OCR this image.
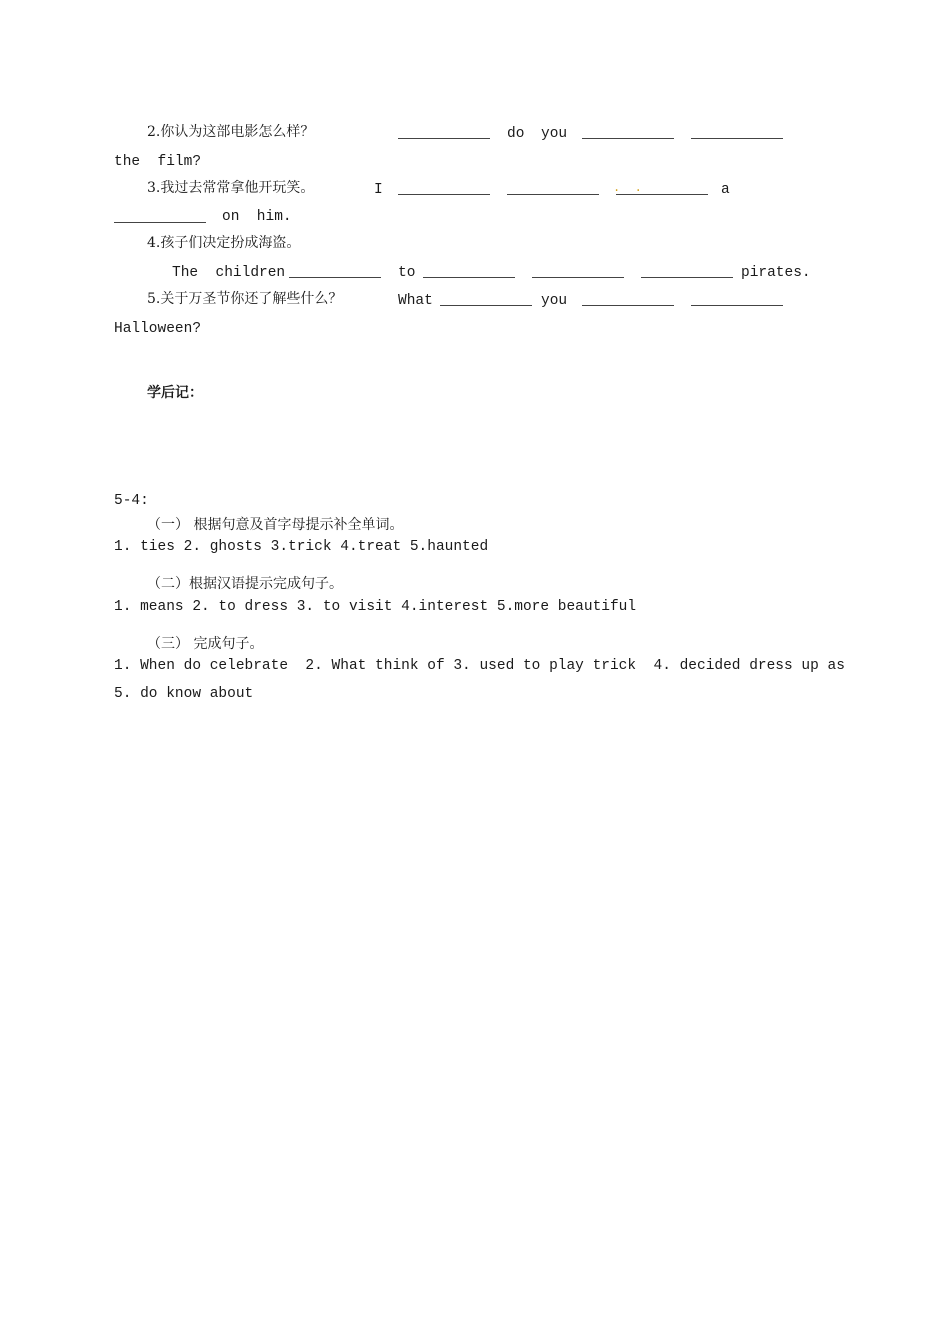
2.你认为这部电影怎么样？	do you
the  film?
3.我过去常常拿他开玩笑。	I	.  .	a
on  him.
4.孩子们决定扮成海盗。
The  children	to	pirates.
5.关于万圣节你还了解些什么？	What	you
Halloween?
学后记：
5-4:
（一） 根据句意及首字母提示补全单词。
1. ties 2. ghosts 3.trick 4.treat 5.haunted
（二）根据汉语提示完成句子。
1. means 2. to dress 3. to visit 4.interest 5.more beautiful
（三） 完成句子。
1. When do celebrate  2. What think of 3. used to play trick  4. decided dress up as
5. do know about
